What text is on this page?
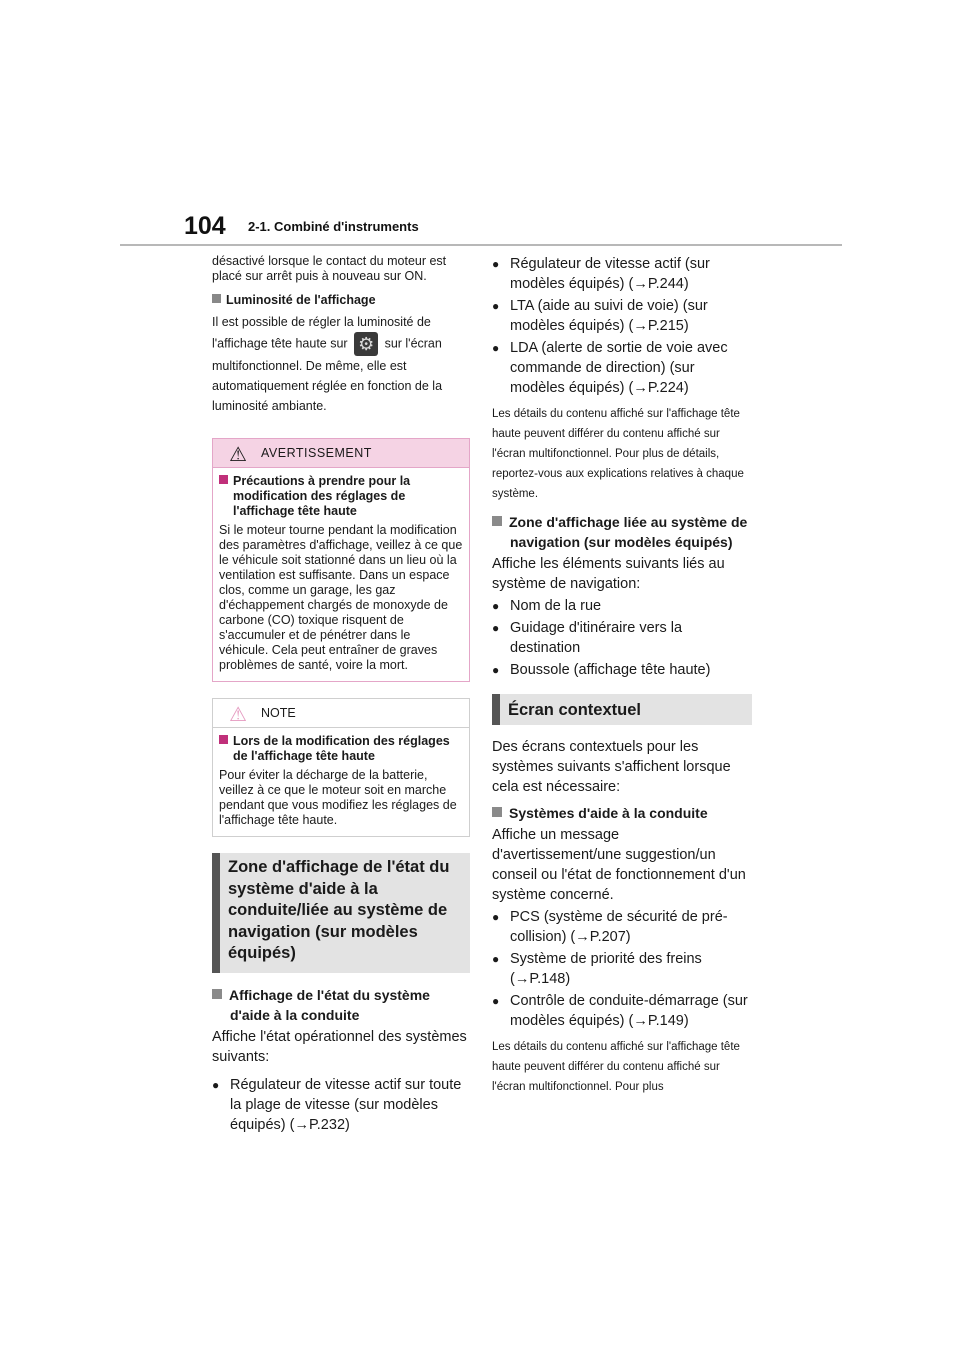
104 2-1. Combiné d'instruments

désactivé lorsque le contact du moteur est placé sur arrêt puis à nouveau sur ON.

Luminosité de l'affichage

Il est possible de régler la luminosité de l'affichage tête haute sur ⚙	sur l'écran multifonctionnel. De même, elle est automatiquement réglée en fonction de la luminosité ambiante.

⚠ AVERTISSEMENT

Précautions à prendre pour la modification des réglages de l'affichage tête haute

Si le moteur tourne pendant la modification des paramètres d'affichage, veillez à ce que le véhicule soit stationné dans un lieu où la ventilation est suffisante. Dans un espace clos, comme un garage, les gaz d'échappement chargés de monoxyde de carbone (CO) toxique risquent de s'accumuler et de pénétrer dans le véhicule. Cela peut entraîner de graves problèmes de santé, voire la mort.

⚠ NOTE

Lors de la modification des réglages de l'affichage tête haute

Pour éviter la décharge de la batterie, veillez à ce que le moteur soit en marche pendant que vous modifiez les réglages de l'affichage tête haute.

Zone d'affichage de l'état du système d'aide à la conduite/liée au système de navigation (sur modèles équipés)

Affichage de l'état du système d'aide à la conduite

Affiche l'état opérationnel des systèmes suivants:

● Régulateur de vitesse actif sur toute la plage de vitesse (sur modèles équipés) (→P.232)
● Régulateur de vitesse actif (sur modèles équipés) (→P.244)
● LTA (aide au suivi de voie) (sur modèles équipés) (→P.215)
● LDA (alerte de sortie de voie avec commande de direction) (sur modèles équipés) (→P.224)

Les détails du contenu affiché sur l'affichage tête haute peuvent différer du contenu affiché sur l'écran multifonctionnel. Pour plus de détails, reportez-vous aux explications relatives à chaque système.

Zone d'affichage liée au système de navigation (sur modèles équipés)

Affiche les éléments suivants liés au système de navigation:

● Nom de la rue
● Guidage d'itinéraire vers la destination
● Boussole (affichage tête haute)
Écran contextuel

Des écrans contextuels pour les systèmes suivants s'affichent lorsque cela est nécessaire:

Systèmes d'aide à la conduite

Affiche un message d'avertissement/une suggestion/un conseil ou l'état de fonctionnement d'un système concerné.

● PCS (système de sécurité de pré-collision) (→P.207)
● Système de priorité des freins (→P.148)
● Contrôle de conduite-démarrage (sur modèles équipés) (→P.149)

Les détails du contenu affiché sur l'affichage tête haute peuvent différer du contenu affiché sur l'écran multifonctionnel. Pour plus
